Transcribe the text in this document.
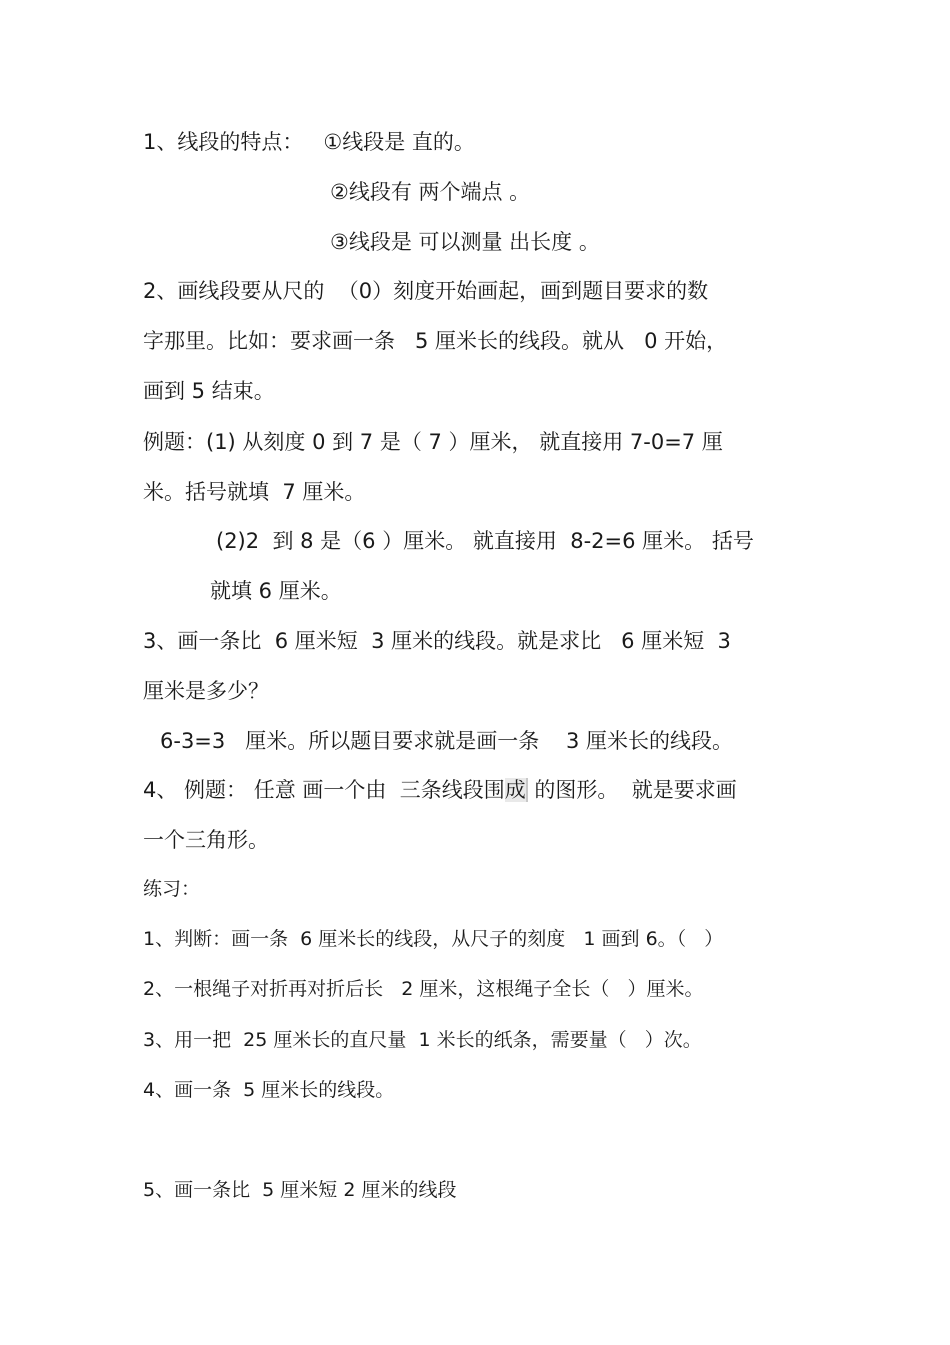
1、线段的特点：   ①线段是 直的。
②线段有 两个端点 。
③线段是 可以测量 出长度 。
2、画线段要从尺的  （0）刻度开始画起，画到题目要求的数
字那里。比如：要求画一条   5 厘米长的线段。就从   0 开始，
画到 5 结束。
例题：(1) 从刻度 0 到 7 是（ 7 ）厘米， 就直接用 7-0=7 厘
米。括号就填  7 厘米。
(2)2  到 8 是（6 ）厘米。 就直接用  8-2=6 厘米。 括号
就填 6 厘米。
3、画一条比  6 厘米短  3 厘米的线段。就是求比   6 厘米短  3
厘米是多少？
6-3=3   厘米。所以题目要求就是画一条    3 厘米长的线段。
4、 例题： 任意 画一个由  三条线段围成 的图形。  就是要求画
一个三角形。
练习：
1、判断：画一条  6 厘米长的线段，从尺子的刻度   1 画到 6。（   ）
2、一根绳子对折再对折后长   2 厘米，这根绳子全长（   ）厘米。
3、用一把  25 厘米长的直尺量  1 米长的纸条，需要量（   ）次。
4、画一条  5 厘米长的线段。
5、画一条比  5 厘米短 2 厘米的线段
